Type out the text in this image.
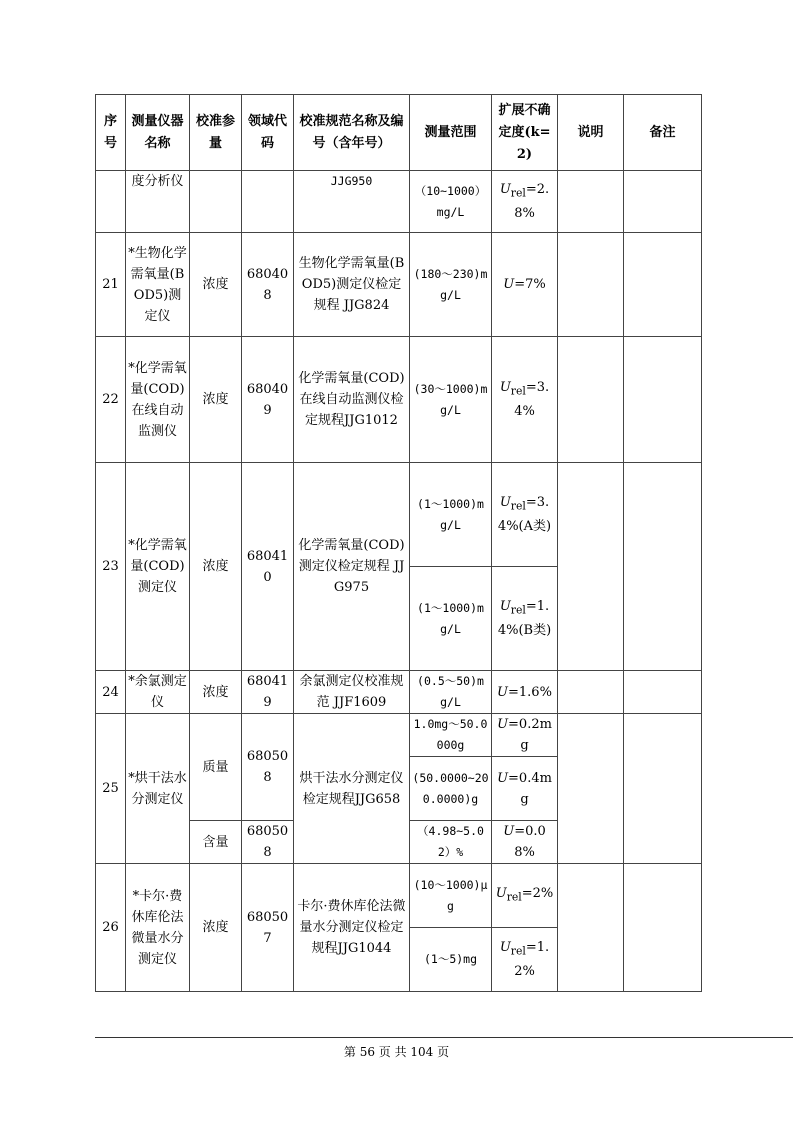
序号	测量仪器名称	校准参量	领域代码	校准规范名称及编号（含年号）	测量范围	扩展不确定度(k=2)	说明	备注
	度分析仪			JJG950	（10~1000）mg/L	$U_{rel}=2.8\%$		
21	*生物化学需氧量(BOD5)测定仪	浓度	680408	生物化学需氧量(BOD5)测定仪检定规程 JJG824	(180～230)mg/L	U=7%		
22	*化学需氧量(COD)在线自动监测仪	浓度	680409	化学需氧量(COD)在线自动监测仪检定规程JJG1012	(30～1000)mg/L	$U_{rel}=3.4\%$		
23	*化学需氧量(COD)测定仪	浓度	680410	化学需氧量(COD)测定仪检定规程 JJG975	(1～1000)mg/L	$U_{rel}=3.4\%(A$类)		
					(1～1000)mg/L	$U_{rel}=1.4\%(B$类)		
24	*余氯测定仪	浓度	680419	余氯测定仪校准规范 JJF1609	(0.5～50)mg/L	U=1.6%		
25	*烘干法水分测定仪	质量	680508	烘干法水分测定仪检定规程JJG658	1.0mg～50.0000g	U=0.2mg		
					(50.0000~200.0000)g	U=0.4mg		
		含量	680508		（4.98~5.02）%	U=0.08%		
26	*卡尔·费休库伦法微量水分测定仪	浓度	680507	卡尔·费休库伦法微量水分测定仪检定规程JJG1044	(10～1000)μg	$U_{rel}=2\%$		
					(1～5)mg	$U_{rel}=1.2\%$		
第 56 页 共 104 页
